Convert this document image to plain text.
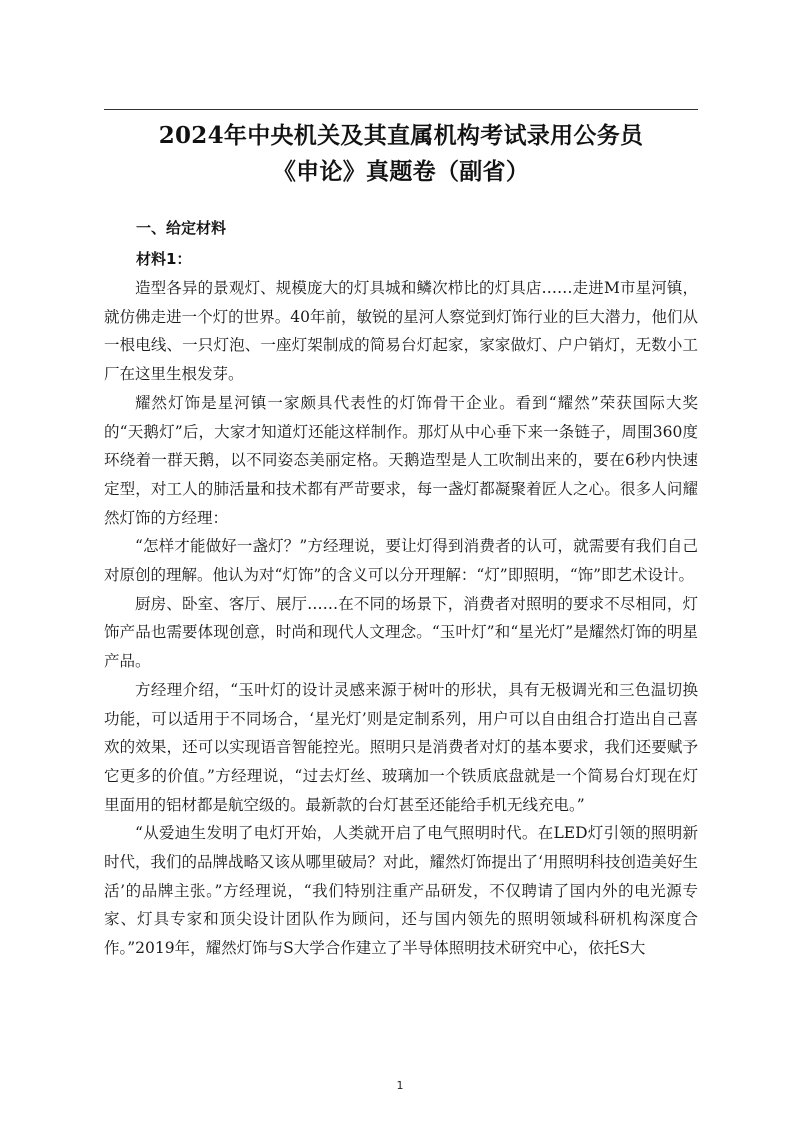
2024年中央机关及其直属机构考试录用公务员
《申论》真题卷（副省）
一、给定材料
材料1：

造型各异的景观灯、规模庞大的灯具城和鳞次栉比的灯具店……走进M市星河镇，就仿佛走进一个灯的世界。40年前，敏锐的星河人察觉到灯饰行业的巨大潜力，他们从一根电线、一只灯泡、一座灯架制成的简易台灯起家，家家做灯、户户销灯，无数小工厂在这里生根发芽。

耀然灯饰是星河镇一家颇具代表性的灯饰骨干企业。看到“耀然”荣获国际大奖的“天鹅灯”后，大家才知道灯还能这样制作。那灯从中心垂下来一条链子，周围360度环绕着一群天鹅，以不同姿态美丽定格。天鹅造型是人工吹制出来的，要在6秒内快速定型，对工人的肺活量和技术都有严苛要求，每一盏灯都凝聚着匠人之心。很多人问耀然灯饰的方经理：

“怎样才能做好一盏灯？”方经理说，要让灯得到消费者的认可，就需要有我们自己对原创的理解。他认为对“灯饰”的含义可以分开理解：“灯”即照明，“饰”即艺术设计。

厨房、卧室、客厅、展厅……在不同的场景下，消费者对照明的要求不尽相同，灯饰产品也需要体现创意，时尚和现代人文理念。“玉叶灯”和“星光灯”是耀然灯饰的明星产品。

方经理介绍，“玉叶灯的设计灵感来源于树叶的形状，具有无极调光和三色温切换功能，可以适用于不同场合，‘星光灯’则是定制系列，用户可以自由组合打造出自己喜欢的效果，还可以实现语音智能控光。照明只是消费者对灯的基本要求，我们还要赋予它更多的价值。”方经理说，“过去灯丝、玻璃加一个铁质底盘就是一个简易台灯现在灯里面用的铝材都是航空级的。最新款的台灯甚至还能给手机无线充电。”

“从爱迪生发明了电灯开始，人类就开启了电气照明时代。在LED灯引领的照明新时代，我们的品牌战略又该从哪里破局？对此，耀然灯饰提出了‘用照明科技创造美好生活’的品牌主张。”方经理说，“我们特别注重产品研发，不仅聘请了国内外的电光源专家、灯具专家和顶尖设计团队作为顾问，还与国内领先的照明领域科研机构深度合作。”2019年，耀然灯饰与S大学合作建立了半导体照明技术研究中心，依托S大

1
